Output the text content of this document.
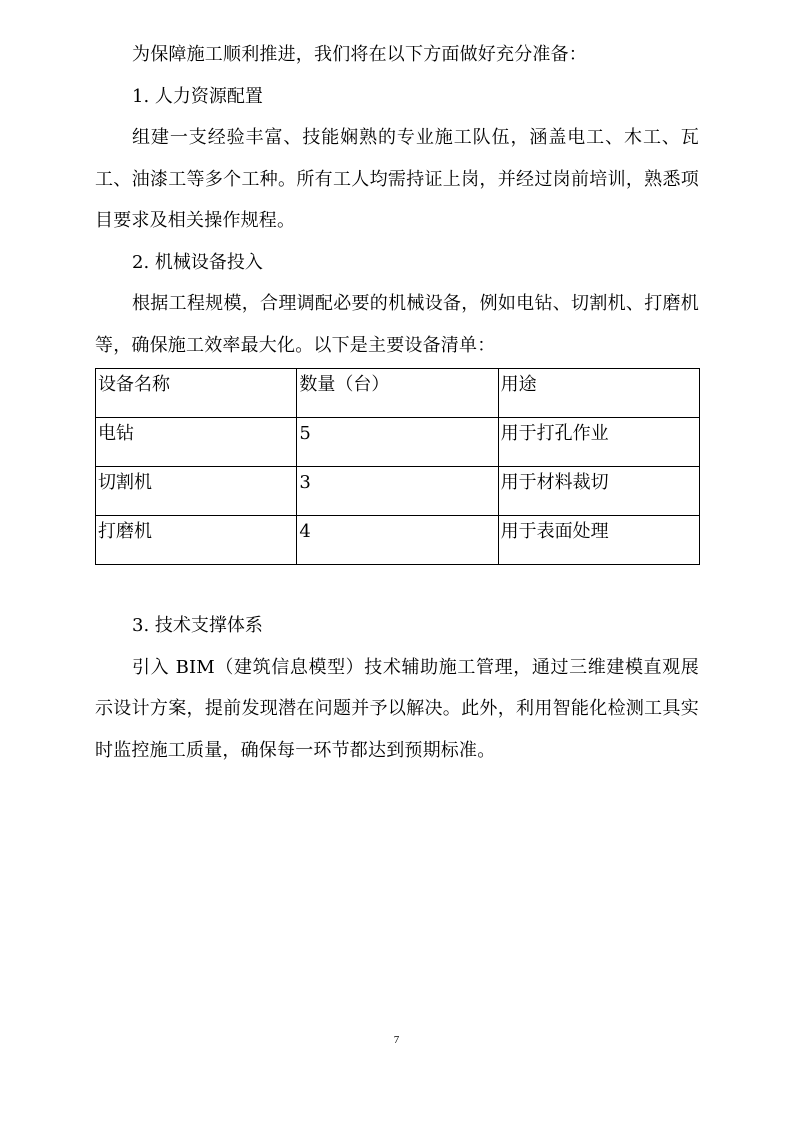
为保障施工顺利推进，我们将在以下方面做好充分准备：

1. 人力资源配置

组建一支经验丰富、技能娴熟的专业施工队伍，涵盖电工、木工、瓦工、油漆工等多个工种。所有工人均需持证上岗，并经过岗前培训，熟悉项目要求及相关操作规程。

2. 机械设备投入

根据工程规模，合理调配必要的机械设备，例如电钻、切割机、打磨机等，确保施工效率最大化。以下是主要设备清单：

设备名称	数量（台）	用途
电钻	5	用于打孔作业
切割机	3	用于材料裁切
打磨机	4	用于表面处理

3. 技术支撑体系

引入 BIM（建筑信息模型）技术辅助施工管理，通过三维建模直观展示设计方案，提前发现潜在问题并予以解决。此外，利用智能化检测工具实时监控施工质量，确保每一环节都达到预期标准。

7
